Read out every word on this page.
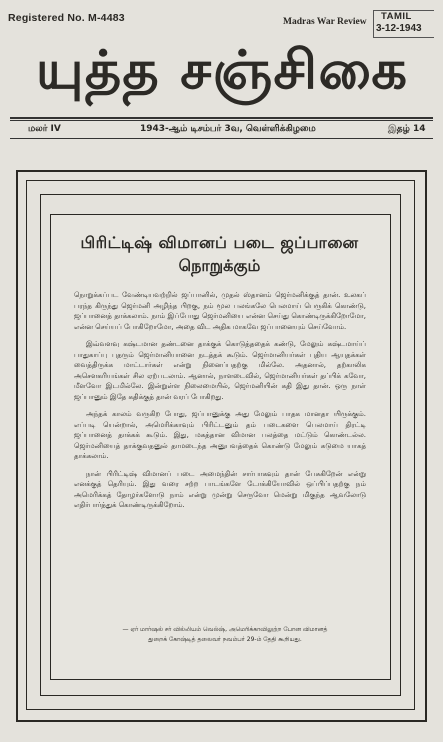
Registered No. M-4483	Madras War Review TAMIL
3-12-1943
யுத்த சஞ்சிகை
மலர் IV	1943-ஆம் டிசம்பர் 3வ, வெள்ளிக்கிழமை	இதழ் 14
பிரிட்டிஷ் விமானப் படை ஜப்பானை
நொறுக்கும்

நொறுக்கப்பட வேண்டியவற்றில் ஜப்பானில், முதல் ஸ்தானம் ஜெர்மனிக்குத் தான். உலகப் பரந்த கிருந்து ஜெர்மனி அழிந்த பிறகு, நம் மூல பலங்கலே பெலமாய் பெருகிக் கொண்டு, ஜப்பானைத் தாக்கலாம். நாம் இப்போது ஜெர்மனியை என்ன செய்து கொண்டிருக்கிறோமோ, என்ன செய்யப் போகிறோமோ, அதை விட அதிக மாகவே ஜப்பானையும் செய்வோம்.

இவ்வளவு கஷ்டமான தண்டனை தாக்குக் கொடுத்ததைக் கண்டு, மேலும் கஷ்டமாய்ப் பாதுகாப்பு புதரும் ஜெர்மானியானை நடத்தக் கூடும். ஜெர்மானியர்கள் புதிய ஆயுதக்கள் வைத்திருக்க மாட்டார்கள் என்று நினைப்பதற்கு மில்லே. அதனால், தற்காலிக அசௌகரியங்கள் சில ஏற்படலாம். ஆனால், நாளடைவில், ஜெர்மானியர்கள் தப்பிக் கவோ, மீளவோ இடமில்லே. இன்றுள்ள நிலைமையில், ஜெர்மனியின் கதி இது தான். ஒரு நாள் ஜப்பானும் இதே கதிக்குத் தான் வரப் போகிறது.

அந்தக் காலம் வருகிற போது, ஜப்பானுக்கு அது மேலும் பாதக மானதா யிருக்கும். எப்படி யென்றால், அமெரிக்காவும் பிரிட்டனும் தம் படைகளை பெலமாய் திரட்டி ஜப்பானைத் தாக்கக் கூடும். இது, மகத்தான விமான பலத்தை மட்டும் கொண்டல்ல. ஜெர்மனியைத் தாக்குவதனுல் தாமடைந்த அனுபவத்தைக் கொண்டு மேலும் கடுமை யாகத் தாக்கலாம்.

நான் பிரிட்டிஷ் விமானப் படை அமைந்தின் சார்பாகவும் தான் பேசுகிறேன் என்று எனக்குத் தெரியும். இது வரை சற்ற பாடங்களே டோக்கியோவில் ஒப்பிப்பதற்கு நம் அமெரிக்கத் தோழர்களோடு நாம் என்று முன்று செருவோ மென்று மிகுந்த ஆவலோடு எதிர்பார்த்துக் கொண்டிருக்கிறோம்.

— ஏர் மார்ஷல் சர் வில்லியம் வெல்ஷ், அமெரிக்காவிலுற்ற போன விமானத்
துறைக் கோஷ்டித் தலைவர் நவம்பர் 29-ம் தேதி கூறியது.
